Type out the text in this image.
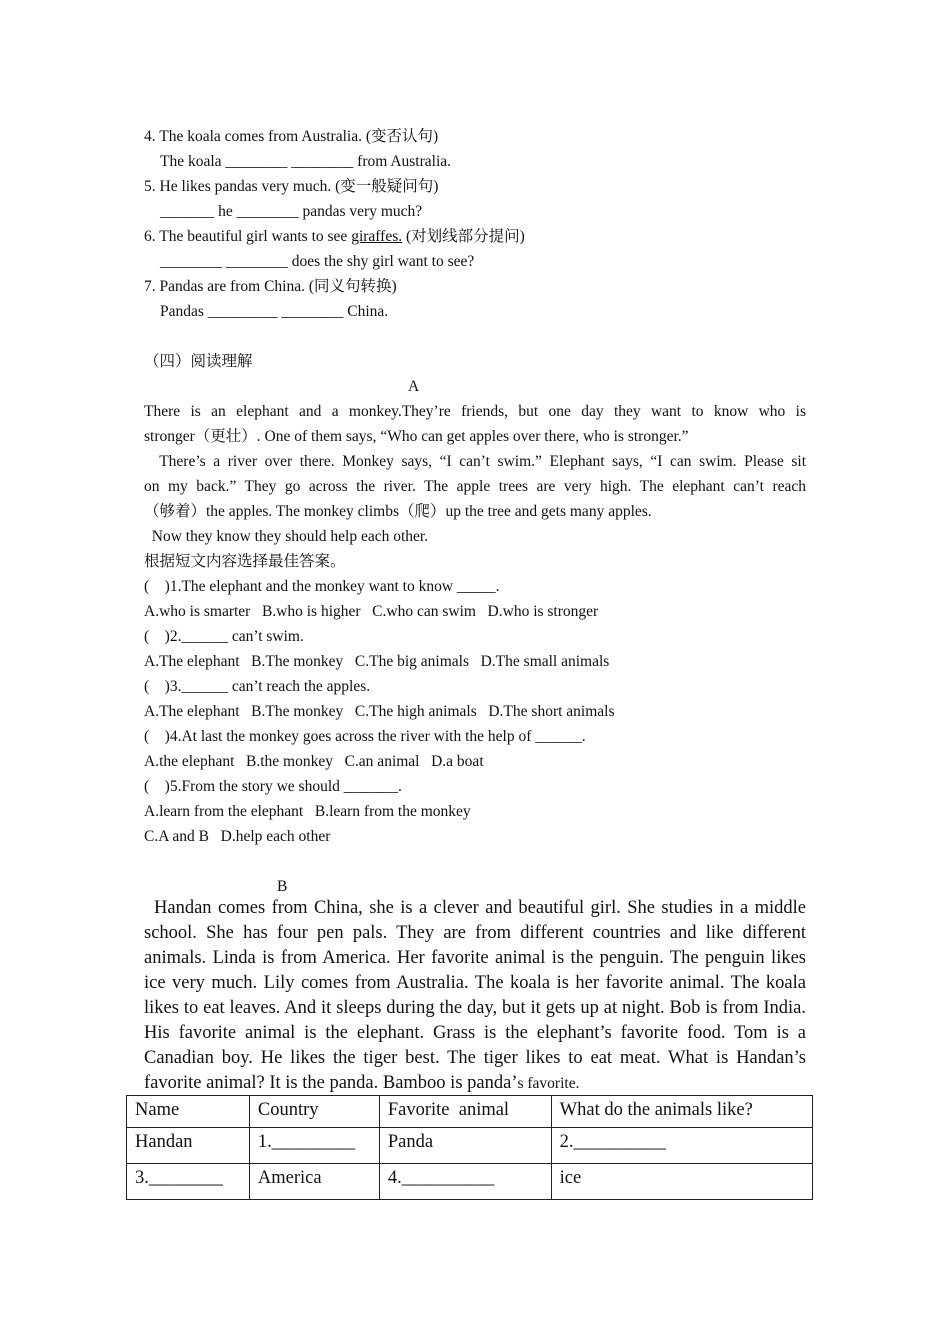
4. The koala comes from Australia. (变否认句)
The koala ________ ________ from Australia.
5. He likes pandas very much. (变一般疑问句)
_______ he ________ pandas very much?
6. The beautiful girl wants to see giraffes. (对划线部分提问)
________ ________ does the shy girl want to see?
7. Pandas are from China. (同义句转换)
Pandas _________ ________ China.
（四）阅读理解
A
There is an elephant and a monkey.They’re friends, but one day they want to know who is
stronger（更壮）. One of them says, “Who can get apples over there, who is stronger.”
There’s a river over there. Monkey says, “I can’t swim.” Elephant says, “I can swim. Please sit
on my back.” They go across the river. The apple trees are very high. The elephant can’t reach
（够着）the apples. The monkey climbs（爬）up the tree and gets many apples.
Now they know they should help each other.
根据短文内容选择最佳答案。
(    )1.The elephant and the monkey want to know _____.
A.who is smarter   B.who is higher   C.who can swim   D.who is stronger
(    )2.______ can’t swim.
A.The elephant   B.The monkey   C.The big animals   D.The small animals
(    )3.______ can’t reach the apples.
A.The elephant   B.The monkey   C.The high animals   D.The short animals
(    )4.At last the monkey goes across the river with the help of ______.
A.the elephant   B.the monkey   C.an animal   D.a boat
(    )5.From the story we should _______.
A.learn from the elephant   B.learn from the monkey
C.A and B   D.help each other
B
Handan comes from China, she is a clever and beautiful girl. She studies in a middle school. She has four pen pals. They are from different countries and like different animals. Linda is from America. Her favorite animal is the penguin. The penguin likes ice very much. Lily comes from Australia. The koala is her favorite animal. The koala likes to eat leaves. And it sleeps during the day, but it gets up at night. Bob is from India. His favorite animal is the elephant. Grass is the elephant’s favorite food. Tom is a Canadian boy. He likes the tiger best. The tiger likes to eat meat. What is Handan’s favorite animal? It is the panda. Bamboo is panda’s favorite.
Name	Country	Favorite  animal	What do the animals like?
Handan	1._________	Panda	2.__________
3.________	America	4.__________	ice
